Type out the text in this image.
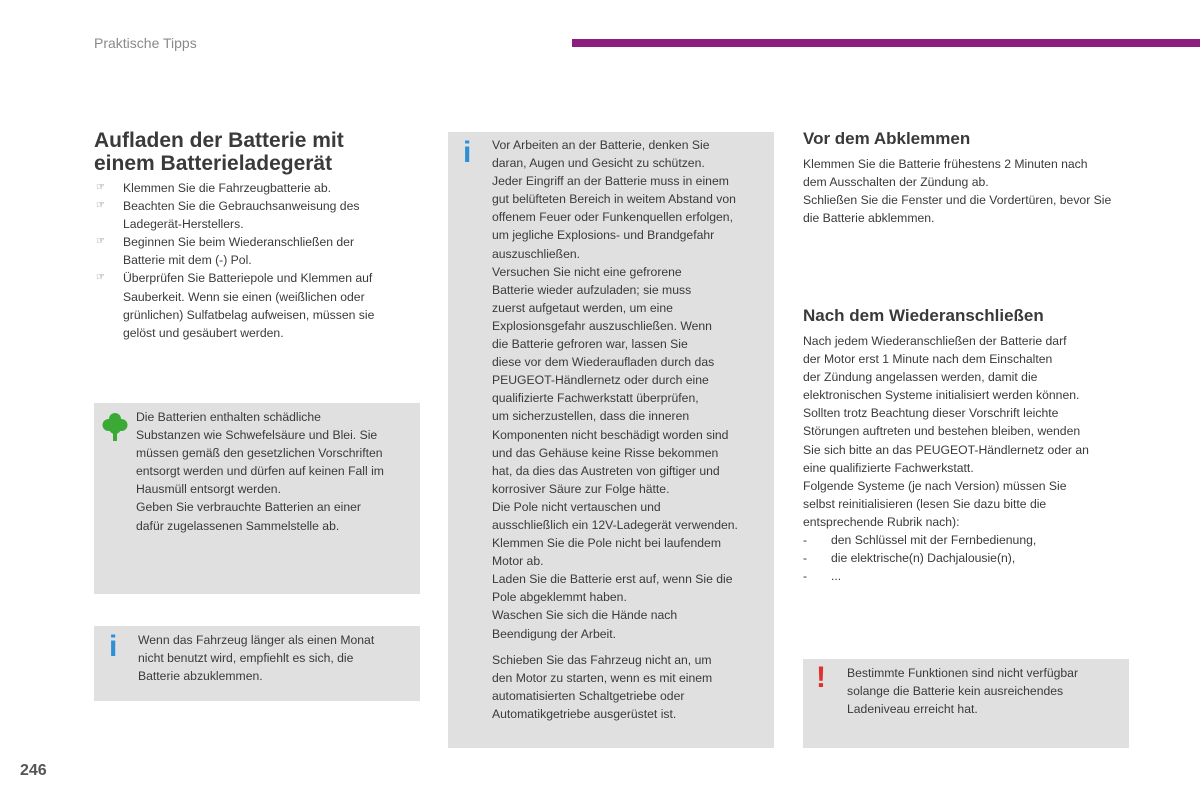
Praktische Tipps
Aufladen der Batterie mit
einem Batterieladegerät
☞ Klemmen Sie die Fahrzeugbatterie ab.
☞ Beachten Sie die Gebrauchsanweisung des
Ladegerät-Herstellers.
☞ Beginnen Sie beim Wiederanschließen der
Batterie mit dem (-) Pol.
☞ Überprüfen Sie Batteriepole und Klemmen auf
Sauberkeit. Wenn sie einen (weißlichen oder
grünlichen) Sulfatbelag aufweisen, müssen sie
gelöst und gesäubert werden.
Die Batterien enthalten schädliche
Substanzen wie Schwefelsäure und Blei. Sie
müssen gemäß den gesetzlichen Vorschriften
entsorgt werden und dürfen auf keinen Fall im
Hausmüll entsorgt werden.
Geben Sie verbrauchte Batterien an einer
dafür zugelassenen Sammelstelle ab.
i Wenn das Fahrzeug länger als einen Monat
nicht benutzt wird, empfiehlt es sich, die
Batterie abzuklemmen.
i Vor Arbeiten an der Batterie, denken Sie
daran, Augen und Gesicht zu schützen.
Jeder Eingriff an der Batterie muss in einem
gut belüfteten Bereich in weitem Abstand von
offenem Feuer oder Funkenquellen erfolgen,
um jegliche Explosions- und Brandgefahr
auszuschließen.
Versuchen Sie nicht eine gefrorene
Batterie wieder aufzuladen; sie muss
zuerst aufgetaut werden, um eine
Explosionsgefahr auszuschließen. Wenn
die Batterie gefroren war, lassen Sie
diese vor dem Wiederaufladen durch das
PEUGEOT-Händlernetz oder durch eine
qualifizierte Fachwerkstatt überprüfen,
um sicherzustellen, dass die inneren
Komponenten nicht beschädigt worden sind
und das Gehäuse keine Risse bekommen
hat, da dies das Austreten von giftiger und
korrosiver Säure zur Folge hätte.
Die Pole nicht vertauschen und
ausschließlich ein 12V-Ladegerät verwenden.
Klemmen Sie die Pole nicht bei laufendem
Motor ab.
Laden Sie die Batterie erst auf, wenn Sie die
Pole abgeklemmt haben.
Waschen Sie sich die Hände nach
Beendigung der Arbeit.
Schieben Sie das Fahrzeug nicht an, um
den Motor zu starten, wenn es mit einem
automatisierten Schaltgetriebe oder
Automatikgetriebe ausgerüstet ist.
Vor dem Abklemmen
Klemmen Sie die Batterie frühestens 2 Minuten nach
dem Ausschalten der Zündung ab.
Schließen Sie die Fenster und die Vordertüren, bevor Sie
die Batterie abklemmen.
Nach dem Wiederanschließen
Nach jedem Wiederanschließen der Batterie darf
der Motor erst 1 Minute nach dem Einschalten
der Zündung angelassen werden, damit die
elektronischen Systeme initialisiert werden können.
Sollten trotz Beachtung dieser Vorschrift leichte
Störungen auftreten und bestehen bleiben, wenden
Sie sich bitte an das PEUGEOT-Händlernetz oder an
eine qualifizierte Fachwerkstatt.
Folgende Systeme (je nach Version) müssen Sie
selbst reinitialisieren (lesen Sie dazu bitte die
entsprechende Rubrik nach):
- den Schlüssel mit der Fernbedienung,
- die elektrische(n) Dachjalousie(n),
- ...
! Bestimmte Funktionen sind nicht verfügbar
solange die Batterie kein ausreichendes
Ladeniveau erreicht hat.
246
